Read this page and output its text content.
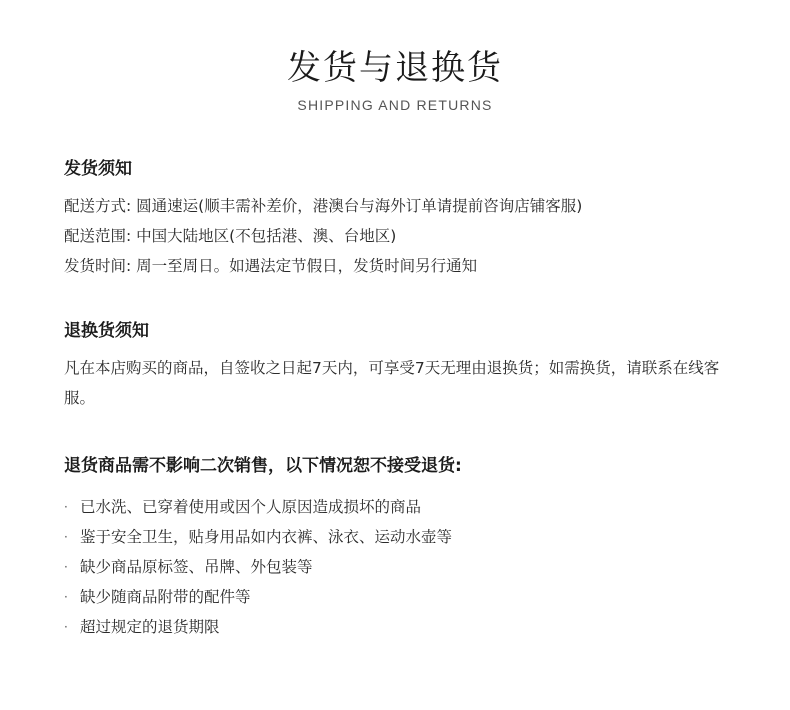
发货与退换货
SHIPPING AND RETURNS
发货须知
配送方式: 圆通速运(顺丰需补差价，港澳台与海外订单请提前咨询店铺客服)
配送范围: 中国大陆地区(不包括港、澳、台地区)
发货时间: 周一至周日。如遇法定节假日，发货时间另行通知
退换货须知
凡在本店购买的商品，自签收之日起7天内，可享受7天无理由退换货；如需换货，请联系在线客服。
退货商品需不影响二次销售，以下情况恕不接受退货:
· 已水洗、已穿着使用或因个人原因造成损坏的商品
· 鉴于安全卫生，贴身用品如内衣裤、泳衣、运动水壶等
· 缺少商品原标签、吊牌、外包装等
· 缺少随商品附带的配件等
· 超过规定的退货期限
